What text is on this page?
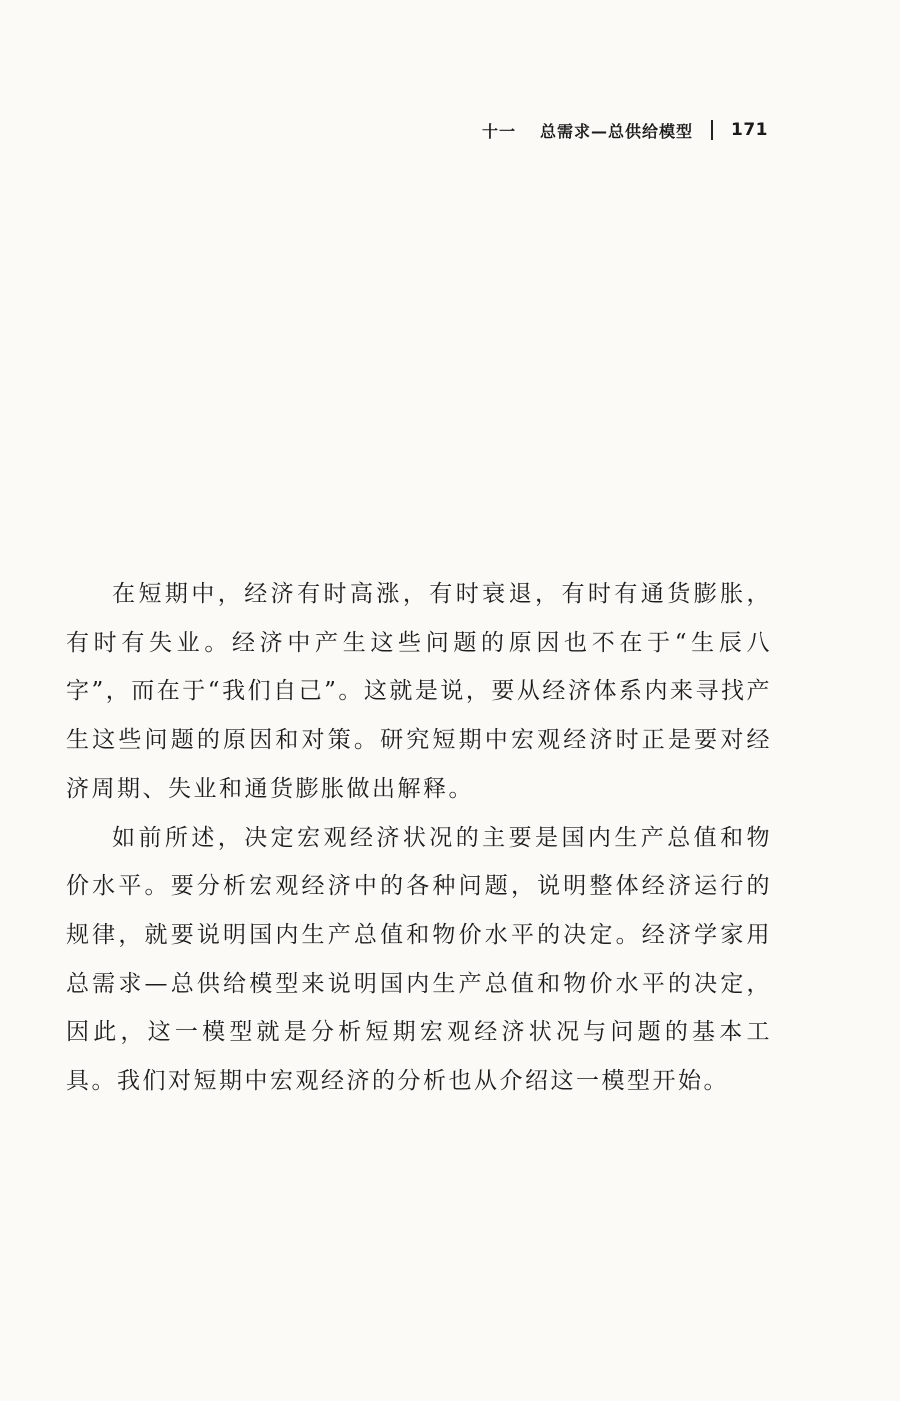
十一 总需求—总供给模型 171

在短期中，经济有时高涨，有时衰退，有时有通货膨胀，有时有失业。经济中产生这些问题的原因也不在于“生辰八字”，而在于“我们自己”。这就是说，要从经济体系内来寻找产生这些问题的原因和对策。研究短期中宏观经济时正是要对经济周期、失业和通货膨胀做出解释。

如前所述，决定宏观经济状况的主要是国内生产总值和物价水平。要分析宏观经济中的各种问题，说明整体经济运行的规律，就要说明国内生产总值和物价水平的决定。经济学家用总需求—总供给模型来说明国内生产总值和物价水平的决定，因此，这一模型就是分析短期宏观经济状况与问题的基本工具。我们对短期中宏观经济的分析也从介绍这一模型开始。
